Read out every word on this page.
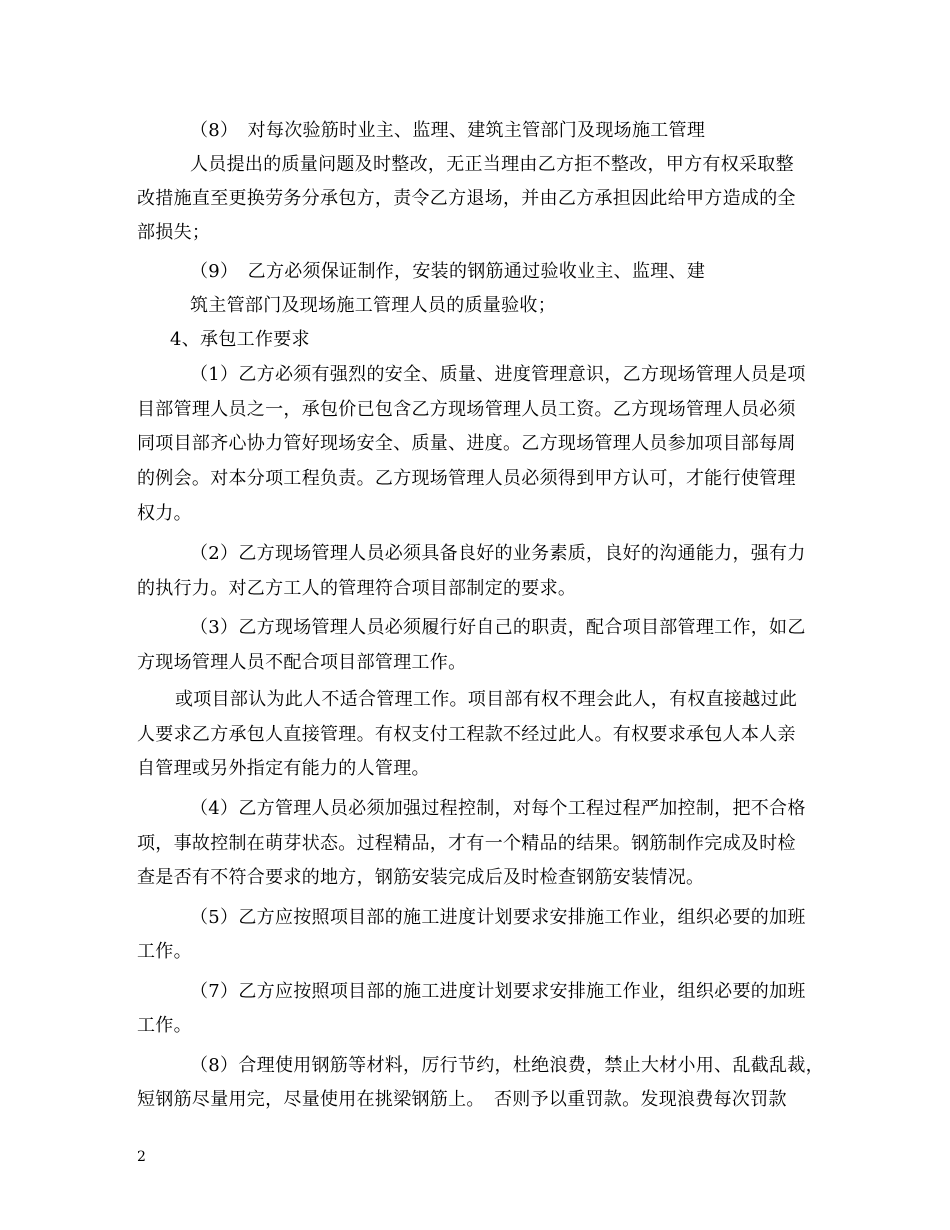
（8）　对每次验筋时业主、监理、建筑主管部门及现场施工管理
人员提出的质量问题及时整改，无正当理由乙方拒不整改，甲方有权采取整
改措施直至更换劳务分承包方，责令乙方退场，并由乙方承担因此给甲方造成的全
部损失；
（9）　乙方必须保证制作，安装的钢筋通过验收业主、监理、建
筑主管部门及现场施工管理人员的质量验收；
4、承包工作要求
（1）乙方必须有强烈的安全、质量、进度管理意识，乙方现场管理人员是项
目部管理人员之一，承包价已包含乙方现场管理人员工资。乙方现场管理人员必须
同项目部齐心协力管好现场安全、质量、进度。乙方现场管理人员参加项目部每周
的例会。对本分项工程负责。乙方现场管理人员必须得到甲方认可，才能行使管理
权力。
（2）乙方现场管理人员必须具备良好的业务素质，良好的沟通能力，强有力
的执行力。对乙方工人的管理符合项目部制定的要求。
（3）乙方现场管理人员必须履行好自己的职责，配合项目部管理工作，如乙
方现场管理人员不配合项目部管理工作。
或项目部认为此人不适合管理工作。项目部有权不理会此人，有权直接越过此
人要求乙方承包人直接管理。有权支付工程款不经过此人。有权要求承包人本人亲
自管理或另外指定有能力的人管理。
（4）乙方管理人员必须加强过程控制，对每个工程过程严加控制，把不合格
项，事故控制在萌芽状态。过程精品，才有一个精品的结果。钢筋制作完成及时检
查是否有不符合要求的地方，钢筋安装完成后及时检查钢筋安装情况。
（5）乙方应按照项目部的施工进度计划要求安排施工作业，组织必要的加班
工作。
（7）乙方应按照项目部的施工进度计划要求安排施工作业，组织必要的加班
工作。
（8）合理使用钢筋等材料，厉行节约，杜绝浪费，禁止大材小用、乱截乱裁，
短钢筋尽量用完，尽量使用在挑梁钢筋上。　否则予以重罚款。发现浪费每次罚款
2
